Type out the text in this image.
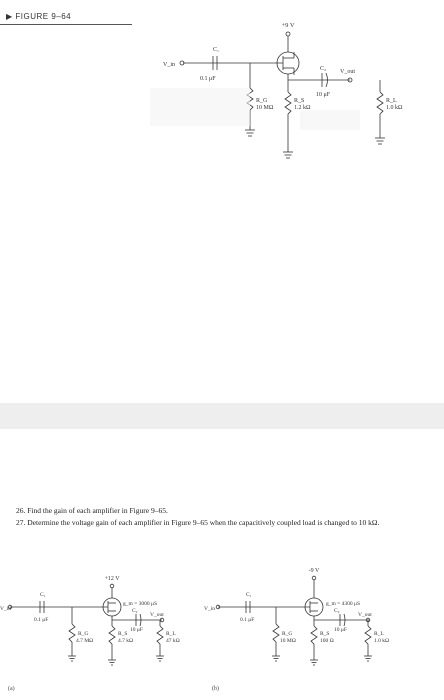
▶ FIGURE 9–64
+9 V
V_in
C₁
0.1 μF
C₂ V_out
R_G
10 MΩ
R_S
1.2 kΩ
10 μF
R_L
1.0 kΩ
+12 V
V_in
C₁
0.1 μF
g_m = 3000 μS
C₂
V_out
R_G
4.7 MΩ
R_S
4.7 kΩ
10 μF
R_L
47 kΩ
-9 V
V_in
C₁
0.1 μF
g_m = 4300 μS
C₂
V_out
R_G
10 MΩ
R_S
100 Ω
10 μF
R_L
1.0 kΩ
26. Find the gain of each amplifier in Figure 9–65.
27. Determine the voltage gain of each amplifier in Figure 9–65 when the capacitively coupled load is changed to 10 kΩ.
(a)	(b)
